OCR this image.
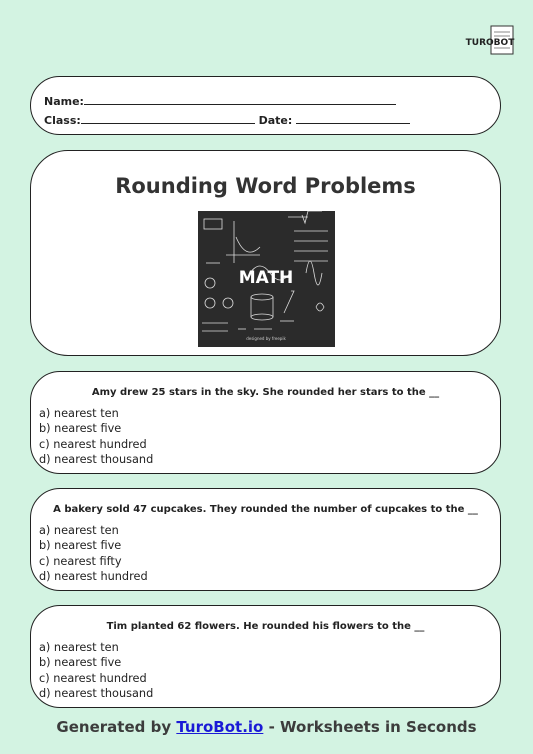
TUROBOT
Name:
Class:	Date:
Rounding Word Problems
MATH
designed by freepik
Amy drew 25 stars in the sky. She rounded her stars to the __
a) nearest ten
b) nearest five
c) nearest hundred
d) nearest thousand
A bakery sold 47 cupcakes. They rounded the number of cupcakes to the __
a) nearest ten
b) nearest five
c) nearest fifty
d) nearest hundred
Tim planted 62 flowers. He rounded his flowers to the __
a) nearest ten
b) nearest five
c) nearest hundred
d) nearest thousand
Generated by TuroBot.io - Worksheets in Seconds
